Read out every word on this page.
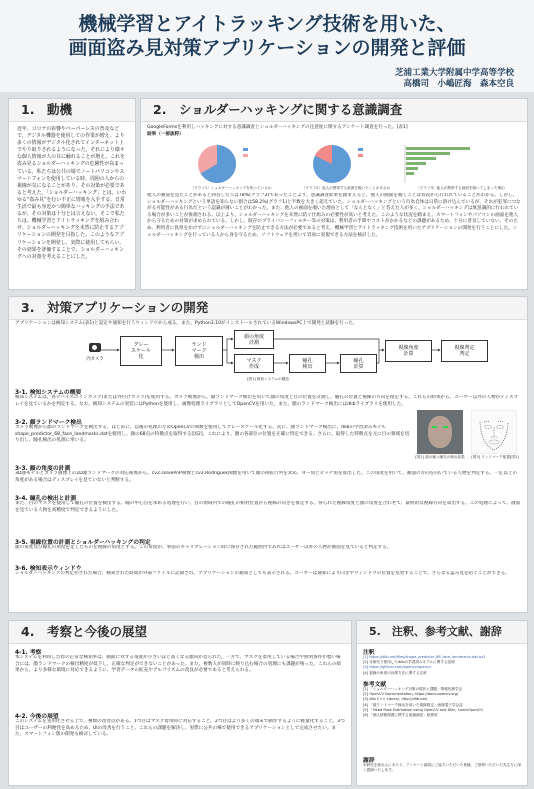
機械学習とアイトラッキング技術を用いた、
画面盗み見対策アプリケーションの開発と評価
芝浦工業大学附属中学高等学校
高橋司　小嶋匠海　森本空良
1.　動機
近年、コロナの影響やペーパーレスの普及などで、デジタル機器を使用しての作業が増え、より多くの情報がデジタル化されてインターネット上でやり取りされるようになった。それにより様々な個人情報が人の目に触れることが増え、これを盗み見るショルダーハッキングの危険性が高まっている。私たちは公共の場でノートパソコンやスマートフォンを使用している時、周囲の人からの視線が気になることがあり、その対策が必要であると考えた。「ショルダーハッキング」とは、いわゆる“盗み見”を行い不正に情報を入手する。日常生活で最も身近かつ簡単なハッキングの手法であるが、その対策は十分とは言えない。そこで私たちは、機械学習とアイトラッキングを組み合わせ、ショルダーハッキングを未然に防止するアプリケーションの開発を目指した。このようなアプリケーションを開発し、実際に使用してもらい、その効果を評価することで、ショルダーハッキングへの対策を考えることにした。
2.　ショルダーハッキングに関する意識調査
GoogleFormsを利用しハッキングに対する意識調査とショルダーハッキングの注意度に関するアンケート調査を行った。[表1]
結果（一部抜粋）
［グラフ1］ショルダーハッキングを知っているか	［グラフ2］他人が携帯する画面を覗いたことがあるか	［グラフ3］他人が携帯する画面を覗いてしまった理由
他人の画面を見たことがあると回答した人は78%(グラフ2)であったことより、意識調査結果を踏まえると、他人の画面を覗くことは普段から行われていることがわかる。しかし、ショルダーハッキングという単語を知らない割合は58.2%(グラフ1)と半数を大きく超えていた。ショルダーハッキングという行為自体は日常に溶け込んでいるが、それが犯罪につながる可能性がある行為だという認識が薄いことがわかった。また、他人の画面を覗いた理由として「なんとなく」と答えた人が多く、ショルダーハッキングは無意識的に行われている場合が多いことが推測される。以上より、ショルダーハッキングを未然に防ぐ仕組みの必要性が高いと考えた。このような状況を踏まえ、スマートフォンやパソコンの画面を他人から守るための対策が求められている。しかし、既存のプライバシーフィルター等の対策は、利用者の手間やコストがかかるなどの課題があるため、十分に普及していない。そのため、利用者に負担をかけずにショルダーハッキングを防止できる方法が必要であると考え、機械学習とアイトラッキング技術を用いたアプリケーションの開発を行うことにした。ショルダーハッキングを行っている人から身を守るため、ソフトウェアを用いて容易に実現できる方法を検討した。
3.　対策アプリケーションの開発
アプリケーションは検知システム(表1)と設定や通知を行うウィンドウから成る。また、Python3.10がインストールされているWindowsPC上で開発と試験を行った。
内カメラ
グレー
スケール
化
ランド
マーク
検出
顔の角度
計測
マスク
作成
瞳孔
検出
瞳孔
計算
視線角度
計算
視線判定
判定
[図1] 検知システムの構造
3-1. 検知システムの概要
検知システムは、各デバイスのインカメラ(または外付けカメラ)を使用する。カメラ映像から、顔ランドマーク検出を用いて顔の角度と目の位置を計測し、瞳孔の位置と視線の方向を推定する。これらの結果から、ユーザー以外の人物がディスプレイを見ているかを判定する。なお、検知システムの実装にはPythonを使用し、画像処理ライブラリとしてOpenCVを用いた。また、顔のランドマーク検出にはdlibライブラリを使用した。
3-2. 顔ランドマーク検出
カメラ映像から顔のランドマークを検出する。はじめに、以後の処理のためOpenCVの関数を使用してグレースケール化する。次に、顔ランドマーク検出に、dlibの学習済みモデルshape_predictor_68_face_landmarks.datを使用し、顔の68点の特徴点を取得する[図2]。これにより、顔の各部位の位置を正確に特定できる。さらに、取得した特徴点を元に目の領域を切り出し、瞳孔検出の処理に用いる。
[図2] 顔の輪と瞳孔の検出結果	[図3] ランドマーク配置[図2]
3-3. 顔の角度の計測
3D顔モデルとカメラ画像上の2D顔ランドマークの対応関係から、cv2.solvePnP関数とcv2.Rodrigues関数を用いて顔の回転行列を求め、ヨー角とピッチ角を算出した。この角度を用いて、画面の方向を向いている人物を判定する。一定以上の角度がある場合はディスプレイを見ていないと判断する。
3-4. 瞳孔の検出と計測
また、目のマスクを使用して瞳孔の位置を検出する。瞳の中心点を求める処理を行い、目の領域内での瞳孔の相対位置から視線の向きを推定する。得られた視線角度と顔の角度を合わせて、最終的な視線方向を算出する。この処理によって、画面を見ている人物を高精度で判定できるようにした。
3-5. 視線位置の計測とショルダーハッキングの判定
顔の角度及び瞳孔の角度を足したものを視線の角度とする。この角度が、事前のキャリブレーション時に保存された範囲内であればユーザー以外の人物が画面を見ていると判定する。
3-6. 検知表示ウィンドウ
ショルダーハッキングの判定がされた場合、検知された時間が外部ファイルに記録され、アプリケーションの通知としても表示される。ユーザーは通知により向きやウィンドウの位置を変更することで、さらなる盗み見を防ぐことができる。
4.　考察と今後の展望
4-1. 考察
本システムを利用した際の正常な検知率は、画面に対する角度が小さいほど高くなる傾向が見られた。一方で、マスクを着用している場合や照明条件が悪い場合には、顔ランドマークの検出精度が低下し、正確な判定ができないことがあった。また、複数人が同時に映り込む場合の処理にも課題が残った。これらの結果から、より多様な環境に対応できるように、学習データの拡充やアルゴリズムの改良が必要であると考えられる。
4-2. 今後の展望
このシステムを実用化させる上で、複数の改善点がある。1つ目はマスク着用時に対応すること。2つ目はより多くの端末で動作するように軽量化すること。3つ目はユーザーの利便性を高めるため、UIの改善を行うこと。これらの課題を解決し、実際に公共の場で使用できるアプリケーションとして完成させたい。また、スマートフォン版の開発も検討している。
5.　注釈、参考文献、謝辞
注釈
[1] https://dlib.net/files/shape_predictor_68_face_landmarks.dat.bz2
[2] 本研究で使用したdlibの学習済みモデルに関する説明
[3] https://github.com/opencv/opencv
[4] 視線の角度の計測方法に関する注釈
参考文献
[1] 「ショルダーハッキング対策の現状と課題」情報処理学会
[2] OpenCV Documentation, https://docs.opencv.org/
[3] dlib C++ Library, http://dlib.net/
[4] 「顔ランドマーク検出を用いた視線推定」画像電子学会誌
[5] 「Head Pose Estimation using OpenCV and Dlib」LearnOpenCV
[6] 「個人情報保護に関する意識調査」総務省
謝辞
本研究を進めるにあたり、アンケート調査にご協力いただいた皆様、ご指導いただいた先生方に深く感謝いたします。
